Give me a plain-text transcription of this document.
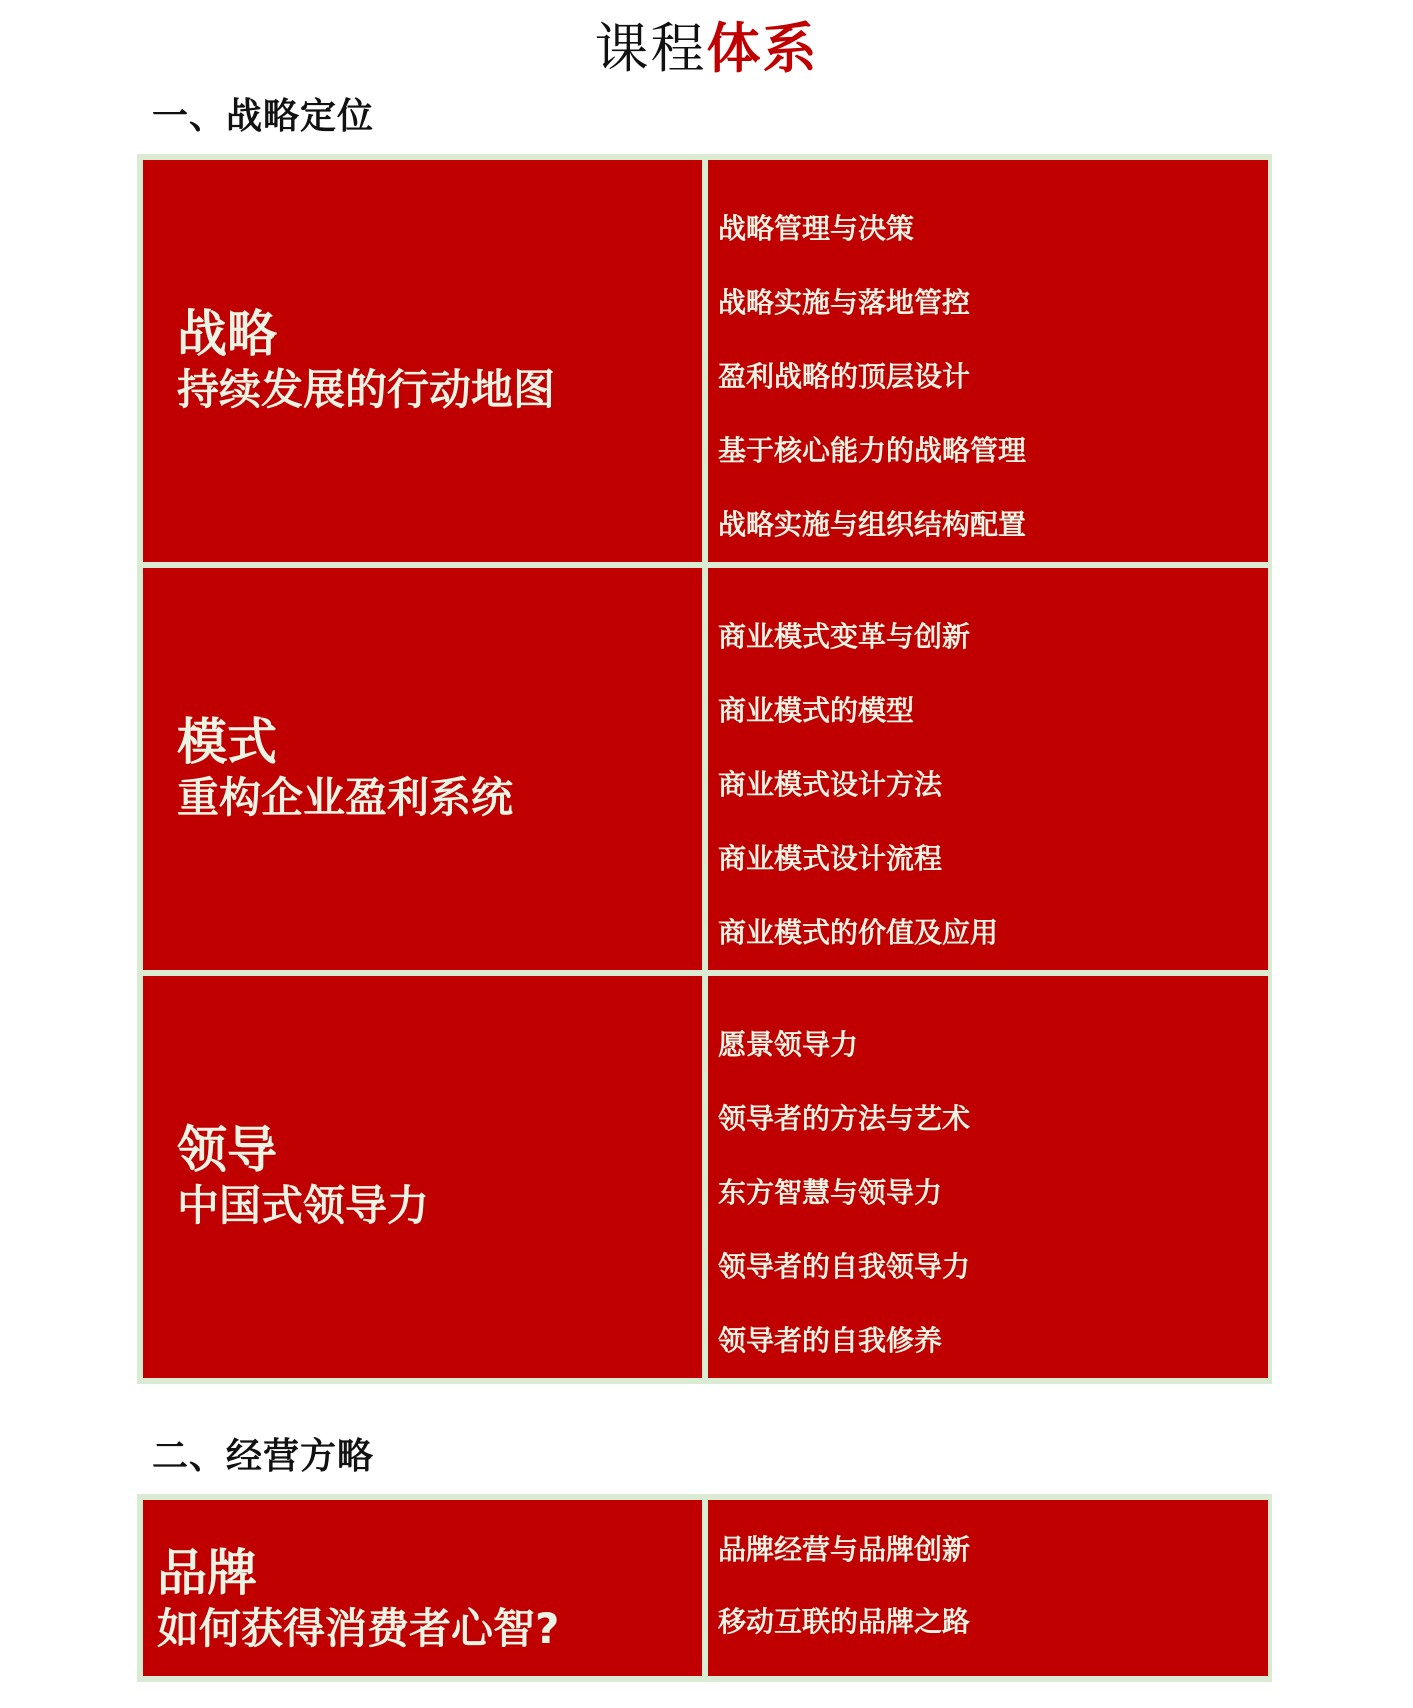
课程体系
一、战略定位
战略
持续发展的行动地图
战略管理与决策
战略实施与落地管控
盈利战略的顶层设计
基于核心能力的战略管理
战略实施与组织结构配置
模式
重构企业盈利系统
商业模式变革与创新
商业模式的模型
商业模式设计方法
商业模式设计流程
商业模式的价值及应用
领导
中国式领导力
愿景领导力
领导者的方法与艺术
东方智慧与领导力
领导者的自我领导力
领导者的自我修养
二、经营方略
品牌
如何获得消费者心智?
品牌经营与品牌创新
移动互联的品牌之路
